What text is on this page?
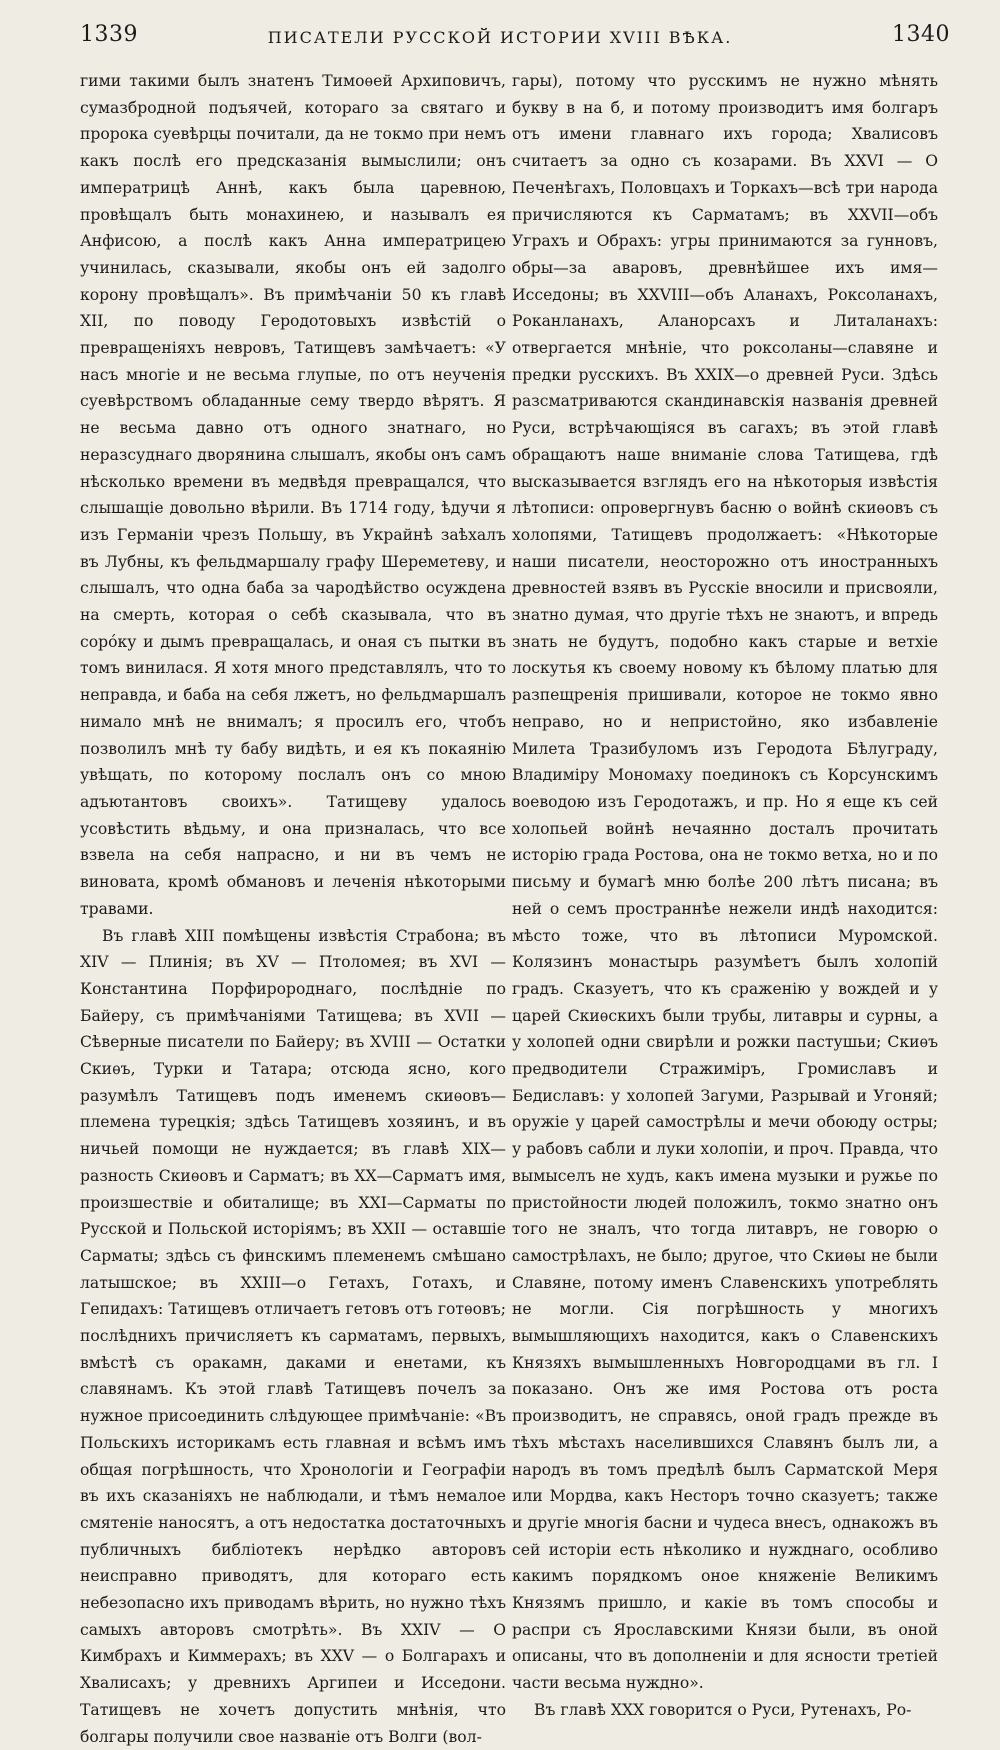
1339	ПИСАТЕЛИ РУССКОЙ ИСТОРИИ XVIII ВѢКА.	1340

гими такими былъ знатенъ Тимоѳей Архиповичъ, сумазбродной подъячей, котораго за святаго и пророка суевѣрцы почитали, да не токмо при немъ какъ послѣ его предсказанія вымыслили; онъ императрицѣ Аннѣ, какъ была царевною, провѣщалъ быть монахинею, и называлъ ея Анфисою, а послѣ какъ Анна императрицею учинилась, сказывали, якобы онъ ей задолго корону провѣщалъ». Въ примѣчаніи 50 къ главѣ XII, по поводу Геродотовыхъ извѣстій о превращеніяхъ невровъ, Татищевъ замѣчаетъ: «У насъ многіе и не весьма глупые, по отъ неученія суевѣрствомъ обладанные сему твердо вѣрятъ. Я не весьма давно отъ одного знатнаго, но неразсуднаго дворянина слышалъ, якобы онъ самъ нѣсколько времени въ медвѣдя превращался, что слышащіе довольно вѣрили. Въ 1714 году, ѣдучи я изъ Германіи чрезъ Польшу, въ Украйнѣ заѣхалъ въ Лубны, къ фельдмаршалу графу Шереметеву, и слышалъ, что одна баба за чародѣйство осуждена на смерть, которая о себѣ сказывала, что въ сорóку и дымъ превращалась, и оная съ пытки въ томъ винилася. Я хотя много представлялъ, что то неправда, и баба на себя лжетъ, но фельдмаршалъ нимало мнѣ не внималъ; я просилъ его, чтобъ позволилъ мнѣ ту бабу видѣть, и ея къ покаянію увѣщать, по которому послалъ онъ со мною адъютантовъ своихъ». Татищеву удалось усовѣстить вѣдьму, и она призналась, что все взвела на себя напрасно, и ни въ чемъ не виновата, кромѣ обмановъ и леченія нѣкоторыми травами.

Въ главѣ XIII помѣщены извѣстія Страбона; въ XIV — Плинія; въ XV — Птоломея; въ XVI — Константина Порфиророднаго, послѣдніе по Байеру, съ примѣчаніями Татищева; въ XVII — Сѣверные писатели по Байеру; въ XVIII — Остатки Скиѳъ, Турки и Татара; отсюда ясно, кого разумѣлъ Татищевъ подъ именемъ скиѳовъ—племена турецкія; здѣсь Татищевъ хозяинъ, и въ ничьей помощи не нуждается; въ главѣ XIX—разность Скиѳовъ и Сарматъ; въ XX—Сарматъ имя, произшествіе и обиталище; въ XXI—Сарматы по Русской и Польской исторіямъ; въ XXII — оставшіе Сарматы; здѣсь съ финскимъ племенемъ смѣшано латышское; въ XXIII—о Гетахъ, Готахъ, и Гепидахъ: Татищевъ отличаетъ гетовъ отъ готѳовъ; послѣднихъ причисляетъ къ сарматамъ, первыхъ, вмѣстѣ съ оракамн, даками и енетами, къ славянамъ. Къ этой главѣ Татищевъ почелъ за нужное присоединить слѣдующее примѣчаніе: «Въ Польскихъ историкамъ есть главная и всѣмъ имъ общая погрѣшность, что Хронологіи и Географіи въ ихъ сказаніяхъ не наблюдали, и тѣмъ немалое смятеніе наносятъ, а отъ недостатка достаточныхъ публичныхъ библіотекъ нерѣдко авторовъ неисправно приводятъ, для котораго есть небезопасно ихъ приводамъ вѣрить, но нужно тѣхъ самыхъ авторовъ смотрѣть». Въ XXIV — О Кимбрахъ и Киммерахъ; въ XXV — о Болгарахъ и Хвалисахъ; у древнихъ Аргипеи и Исседони. Татищевъ не хочетъ допустить мнѣнія, что болгары получили свое названіе отъ Волги (вол-

гары), потому что русскимъ не нужно мѣнять букву в на б, и потому производитъ имя болгаръ отъ имени главнаго ихъ города; Хвалисовъ считаетъ за одно съ козарами. Въ XXVI — О Печенѣгахъ, Половцахъ и Торкахъ—всѣ три народа причисляются къ Сарматамъ; въ XXVII—объ Уграхъ и Обрахъ: угры принимаются за гунновъ, обры—за аваровъ, древнѣйшее ихъ имя—Исседоны; въ XXVIII—объ Аланахъ, Роксоланахъ, Роканланахъ, Аланорсахъ и Литаланахъ: отвергается мнѣніе, что роксоланы—славяне и предки русскихъ. Въ XXIX—о древней Руси. Здѣсь разсматриваются скандинавскія названія древней Руси, встрѣчающіяся въ сагахъ; въ этой главѣ обращаютъ наше вниманіе слова Татищева, гдѣ высказывается взглядъ его на нѣкоторыя извѣстія лѣтописи: опровергнувъ басню о войнѣ скиѳовъ съ холопями, Татищевъ продолжаетъ: «Нѣкоторые наши писатели, неосторожно отъ иностранныхъ древностей взявъ въ Русскіе вносили и присвояли, знатно думая, что другіе тѣхъ не знаютъ, и впредь знать не будутъ, подобно какъ старые и ветхіе лоскутья къ своему новому къ бѣлому платью для разпещренія пришивали, которое не токмо явно неправо, но и непристойно, яко избавленіе Милета Тразибуломъ изъ Геродота Бѣлуграду, Владиміру Мономаху поединокъ съ Корсунскимъ воеводою изъ Геродотажъ, и пр. Но я еще къ сей холопьей войнѣ нечаянно досталъ прочитать исторію града Ростова, она не токмо ветха, но и по письму и бумагѣ мню болѣе 200 лѣтъ писана; въ ней о семъ пространнѣе нежели индѣ находится: мѣсто тоже, что въ лѣтописи Муромской. Колязинъ монастырь разумѣетъ былъ холопій градъ. Сказуетъ, что къ сраженію у вождей и у царей Скиѳскихъ были трубы, литавры и сурны, а у холопей одни свирѣли и рожки пастушьи; Скиѳъ предводители Стражимiръ, Громиславъ и Бедиславъ: у холопей Загуми, Разрывай и Угоняй; оружіе у царей самострѣлы и мечи обоюду остры; у рабовъ сабли и луки холопіи, и проч. Правда, что вымыселъ не худъ, какъ имена музыки и ружье по пристойности людей положилъ, токмо знатно онъ того не зналъ, что тогда литавръ, не говорю о самострѣлахъ, не было; другое, что Скиѳы не были Славяне, потому именъ Славенскихъ употреблять не могли. Сія погрѣшность у многихъ вымышляющихъ находится, какъ о Славенскихъ Князяхъ вымышленныхъ Новгородцами въ гл. I показано. Онъ же имя Ростова отъ роста производитъ, не справясь, оной градъ прежде въ тѣхъ мѣстахъ населившихся Славянъ былъ ли, а народъ въ томъ предѣлѣ былъ Сарматской Меря или Мордва, какъ Несторъ точно сказуетъ; также и другіе многія басни и чудеса внесъ, однакожъ въ сей исторіи есть нѣколико и нужднаго, особливо какимъ порядкомъ оное княженіе Великимъ Князямъ пришло, и какіе въ томъ способы и распри съ Ярославскими Князи были, въ оной описаны, что въ дополненіи и для ясности третіей части весьма нуждно».

Въ главѣ XXX говорится о Руси, Рутенахъ, Ро-
